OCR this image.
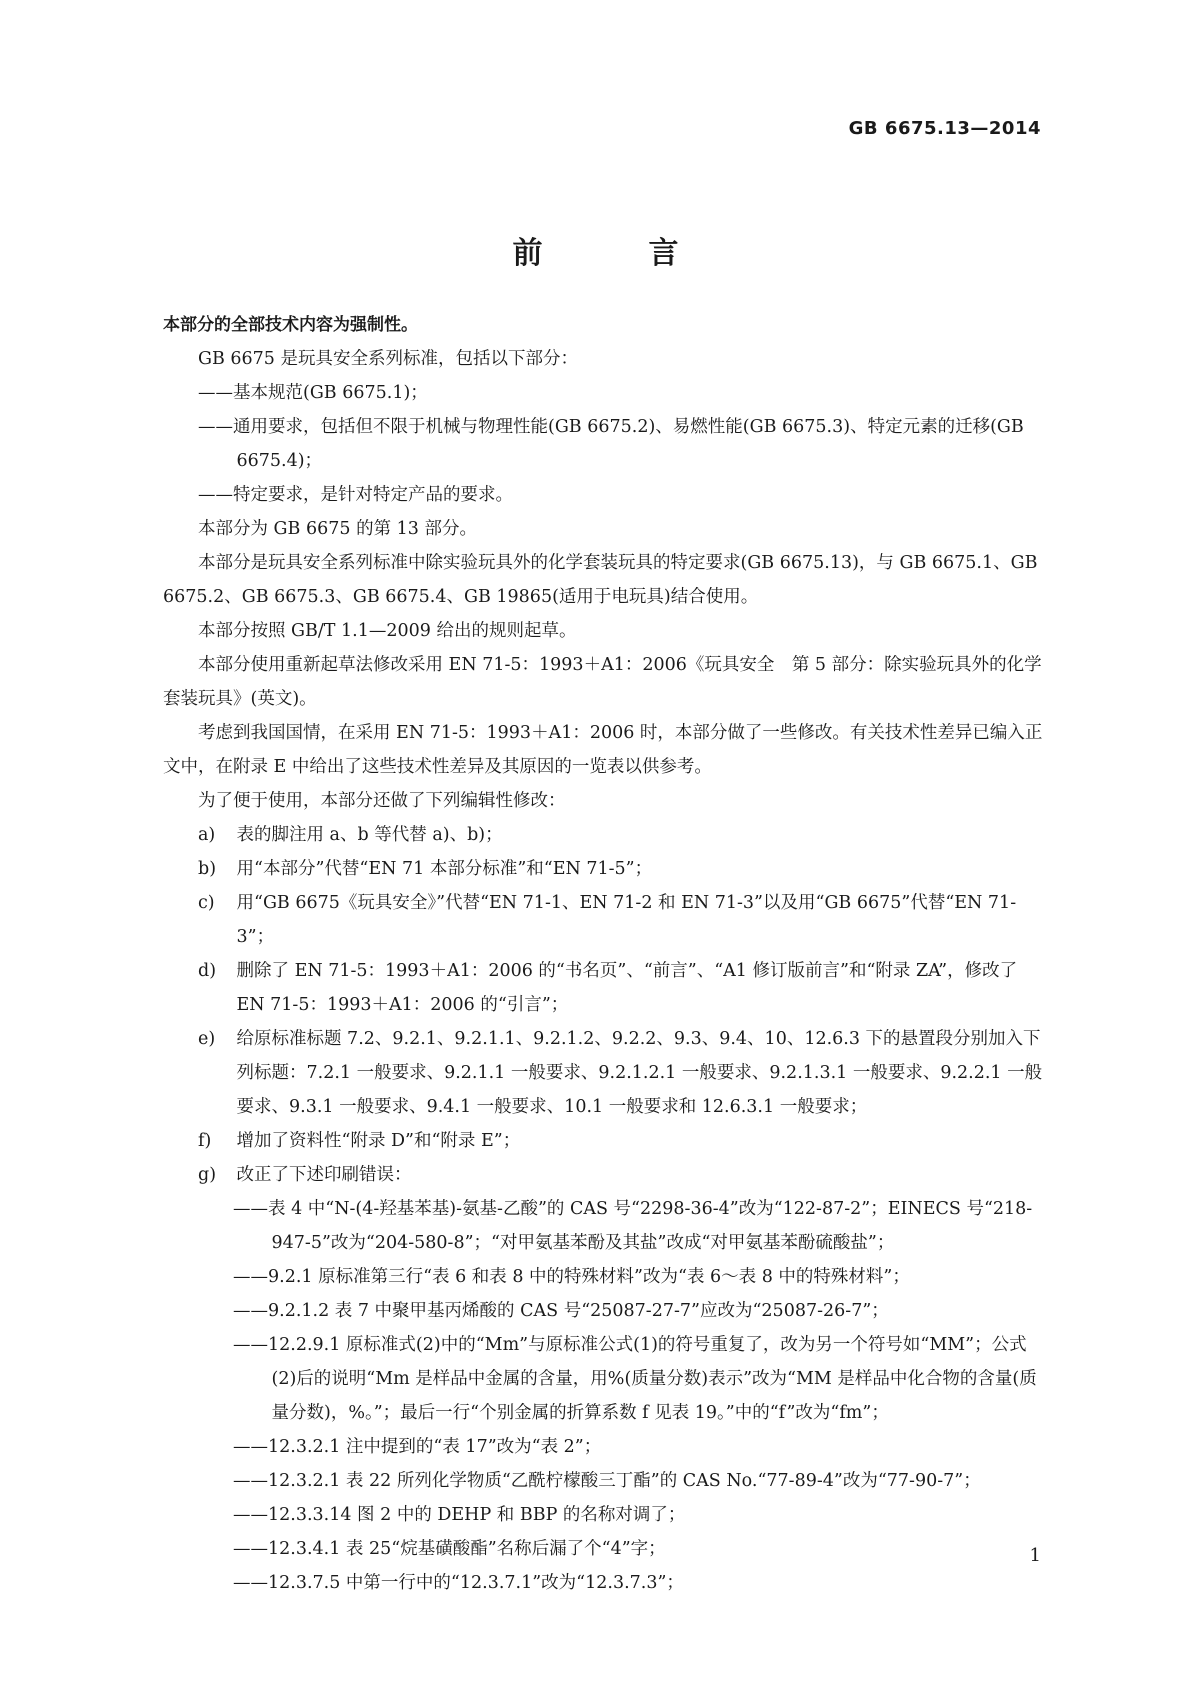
GB 6675.13—2014
前　言

本部分的全部技术内容为强制性。

GB 6675 是玩具安全系列标准，包括以下部分：

——基本规范(GB 6675.1)；

——通用要求，包括但不限于机械与物理性能(GB 6675.2)、易燃性能(GB 6675.3)、特定元素的迁移(GB 6675.4)；

——特定要求，是针对特定产品的要求。

本部分为 GB 6675 的第 13 部分。

本部分是玩具安全系列标准中除实验玩具外的化学套装玩具的特定要求(GB 6675.13)，与 GB 6675.1、GB 6675.2、GB 6675.3、GB 6675.4、GB 19865(适用于电玩具)结合使用。

本部分按照 GB/T 1.1—2009 给出的规则起草。

本部分使用重新起草法修改采用 EN 71-5：1993＋A1：2006《玩具安全　第 5 部分：除实验玩具外的化学套装玩具》(英文)。

考虑到我国国情，在采用 EN 71-5：1993＋A1：2006 时，本部分做了一些修改。有关技术性差异已编入正文中，在附录 E 中给出了这些技术性差异及其原因的一览表以供参考。

为了便于使用，本部分还做了下列编辑性修改：

a)	表的脚注用 a、b 等代替 a)、b)；
b)	用“本部分”代替“EN 71 本部分标准”和“EN 71-5”；
c)	用“GB 6675《玩具安全》”代替“EN 71-1、EN 71-2 和 EN 71-3”以及用“GB 6675”代替“EN 71-3”；
d)	删除了 EN 71-5：1993＋A1：2006 的“书名页”、“前言”、“A1 修订版前言”和“附录 ZA”，修改了 EN 71-5：1993＋A1：2006 的“引言”；
e)	给原标准标题 7.2、9.2.1、9.2.1.1、9.2.1.2、9.2.2、9.3、9.4、10、12.6.3 下的悬置段分别加入下列标题：7.2.1 一般要求、9.2.1.1 一般要求、9.2.1.2.1 一般要求、9.2.1.3.1 一般要求、9.2.2.1 一般要求、9.3.1 一般要求、9.4.1 一般要求、10.1 一般要求和 12.6.3.1 一般要求；
f)	增加了资料性“附录 D”和“附录 E”；
g)	改正了下述印刷错误：

——表 4 中“N-(4-羟基苯基)-氨基-乙酸”的 CAS 号“2298-36-4”改为“122-87-2”；EINECS 号“218-947-5”改为“204-580-8”；“对甲氨基苯酚及其盐”改成“对甲氨基苯酚硫酸盐”；

——9.2.1 原标准第三行“表 6 和表 8 中的特殊材料”改为“表 6～表 8 中的特殊材料”；

——9.2.1.2 表 7 中聚甲基丙烯酸的 CAS 号“25087-27-7”应改为“25087-26-7”；

——12.2.9.1 原标准式(2)中的“Mm”与原标准公式(1)的符号重复了，改为另一个符号如“MM”；公式(2)后的说明“Mm 是样品中金属的含量，用%(质量分数)表示”改为“MM 是样品中化合物的含量(质量分数)，%。”；最后一行“个别金属的折算系数 f 见表 19。”中的“f”改为“fm”；

——12.3.2.1 注中提到的“表 17”改为“表 2”；

——12.3.2.1 表 22 所列化学物质“乙酰柠檬酸三丁酯”的 CAS No.“77-89-4”改为“77-90-7”；

——12.3.3.14 图 2 中的 DEHP 和 BBP 的名称对调了；

——12.3.4.1 表 25“烷基磺酸酯”名称后漏了个“4”字；

——12.3.7.5 中第一行中的“12.3.7.1”改为“12.3.7.3”；

1
